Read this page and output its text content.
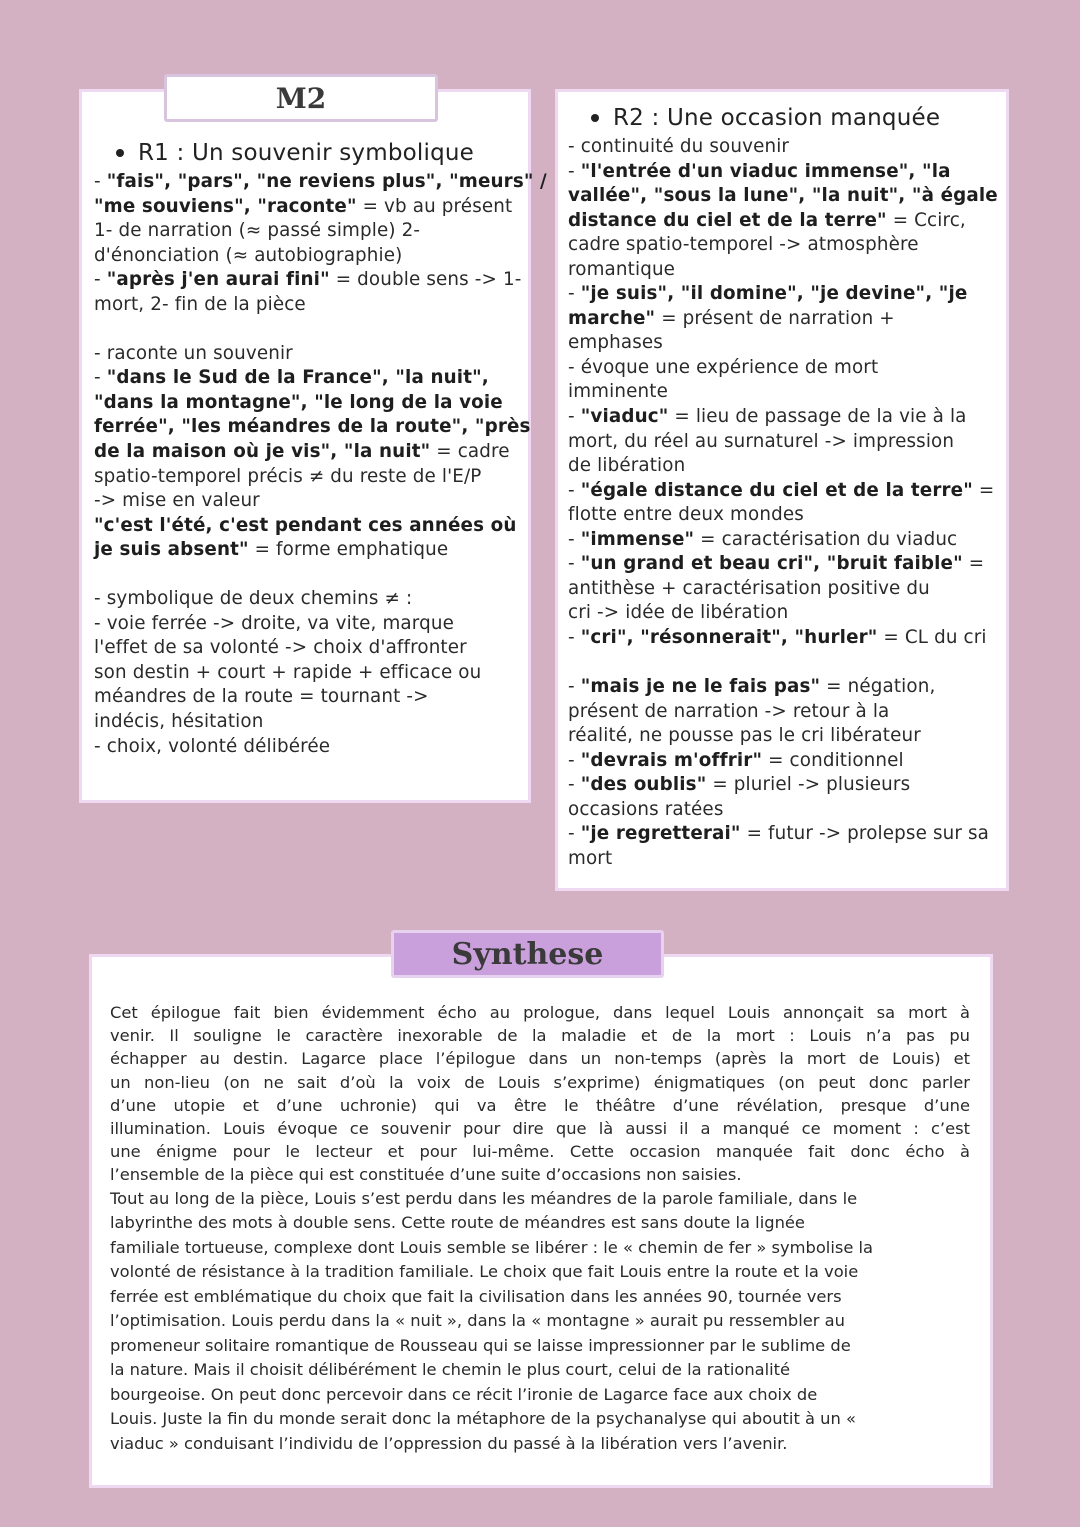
M2
R1 : Un souvenir symbolique
- "fais", "pars", "ne reviens plus", "meurs" /
"me souviens", "raconte" = vb au présent
1- de narration (≈ passé simple) 2-
d'énonciation (≈ autobiographie)
- "après j'en aurai fini" = double sens -> 1-
mort, 2- fin de la pièce
- raconte un souvenir
- "dans le Sud de la France", "la nuit",
"dans la montagne", "le long de la voie
ferrée", "les méandres de la route", "près
de la maison où je vis", "la nuit" = cadre
spatio-temporel précis ≠ du reste de l'E/P
-> mise en valeur
"c'est l'été, c'est pendant ces années où
je suis absent" = forme emphatique
- symbolique de deux chemins ≠ :
- voie ferrée -> droite, va vite, marque
l'effet de sa volonté -> choix d'affronter
son destin + court + rapide + efficace ou
méandres de la route = tournant ->
indécis, hésitation
- choix, volonté délibérée
R2 : Une occasion manquée
- continuité du souvenir
- "l'entrée d'un viaduc immense", "la
vallée", "sous la lune", "la nuit", "à égale
distance du ciel et de la terre" = Ccirc,
cadre spatio-temporel -> atmosphère
romantique
- "je suis", "il domine", "je devine", "je
marche" = présent de narration +
emphases
- évoque une expérience de mort
imminente
- "viaduc" = lieu de passage de la vie à la
mort, du réel au surnaturel -> impression
de libération
- "égale distance du ciel et de la terre" =
flotte entre deux mondes
- "immense" = caractérisation du viaduc
- "un grand et beau cri", "bruit faible" =
antithèse + caractérisation positive du
cri -> idée de libération
- "cri", "résonnerait", "hurler" = CL du cri
- "mais je ne le fais pas" = négation,
présent de narration -> retour à la
réalité, ne pousse pas le cri libérateur
- "devrais m'offrir" = conditionnel
- "des oublis" = pluriel -> plusieurs
occasions ratées
- "je regretterai" = futur -> prolepse sur sa
mort
Synthese
Cet épilogue fait bien évidemment écho au prologue, dans lequel Louis annonçait sa mort à
venir. Il souligne le caractère inexorable de la maladie et de la mort : Louis n’a pas pu
échapper au destin. Lagarce place l’épilogue dans un non-temps (après la mort de Louis) et
un non-lieu (on ne sait d’où la voix de Louis s’exprime) énigmatiques (on peut donc parler
d’une utopie et d’une uchronie) qui va être le théâtre d’une révélation, presque d’une
illumination. Louis évoque ce souvenir pour dire que là aussi il a manqué ce moment : c’est
une énigme pour le lecteur et pour lui-même. Cette occasion manquée fait donc écho à
l’ensemble de la pièce qui est constituée d’une suite d’occasions non saisies.
Tout au long de la pièce, Louis s’est perdu dans les méandres de la parole familiale, dans le
labyrinthe des mots à double sens. Cette route de méandres est sans doute la lignée
familiale tortueuse, complexe dont Louis semble se libérer : le « chemin de fer » symbolise la
volonté de résistance à la tradition familiale. Le choix que fait Louis entre la route et la voie
ferrée est emblématique du choix que fait la civilisation dans les années 90, tournée vers
l’optimisation. Louis perdu dans la « nuit », dans la « montagne » aurait pu ressembler au
promeneur solitaire romantique de Rousseau qui se laisse impressionner par le sublime de
la nature. Mais il choisit délibérément le chemin le plus court, celui de la rationalité
bourgeoise. On peut donc percevoir dans ce récit l’ironie de Lagarce face aux choix de
Louis. Juste la fin du monde serait donc la métaphore de la psychanalyse qui aboutit à un «
viaduc » conduisant l’individu de l’oppression du passé à la libération vers l’avenir.
